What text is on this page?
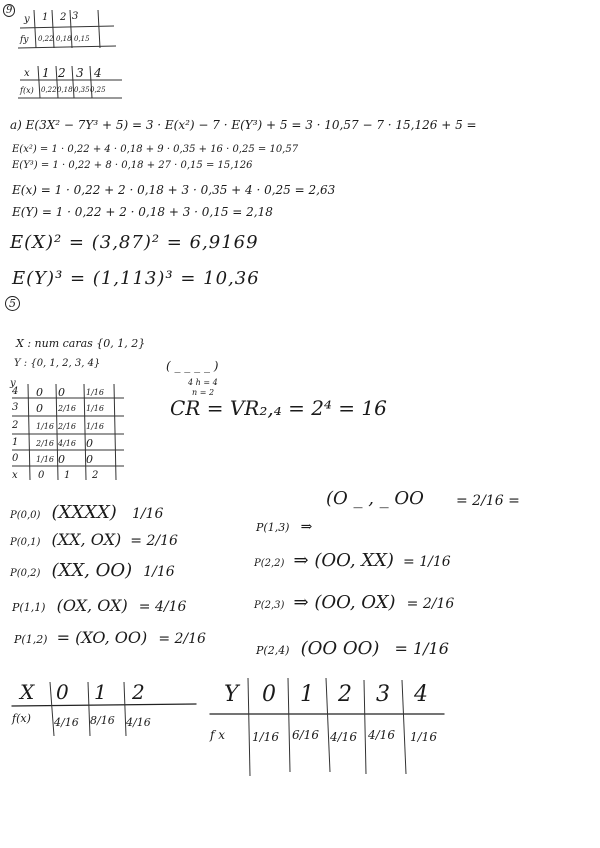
9
y 1 2 3
fy 0,22 0,18 0,15
x 1 2 3 4
f(x) 0,22 0,18 0,35 0,25
a) E(3X² − 7Y³ + 5) = 3 · E(x²) − 7 · E(Y³) + 5 = 3 · 10,57 − 7 · 15,126 + 5 =
E(x²) = 1 · 0,22 + 4 · 0,18 + 9 · 0,35 + 16 · 0,25 = 10,57
E(Y³) = 1 · 0,22 + 8 · 0,18 + 27 · 0,15 = 15,126
E(x) = 1 · 0,22 + 2 · 0,18 + 3 · 0,35 + 4 · 0,25 = 2,63
E(Y) = 1 · 0,22 + 2 · 0,18 + 3 · 0,15 = 2,18
E(X)² = (3,87)² = 6,9169
E(Y)³ = (1,113)³ = 10,36
5
X : num caras {0, 1, 2}
Y : {0, 1, 2, 3, 4}	( _ _ _ _ )
4 h = 4
n = 2
CR = VR₂,₄ = 2⁴ = 16
y
4 0 0	1/16
3 0 2/16 1/16
2 1/16 2/16 1/16
1 2/16 4/16 0
0 1/16 0 0
x 0 1 2
P(0,0) (XXXX) 1/16
P(0,1) (XX, OX) = 2/16
P(0,2) (XX, OO) 1/16
P(1,1) (OX, OX) = 4/16
P(1,2) = (XO, OO) = 2/16
(O _ , _ OO = 2/16 =
P(1,3) ⇒
P(2,2) ⇒ (OO, XX) = 1/16
P(2,3) ⇒ (OO, OX) = 2/16
P(2,4) (OO OO) = 1/16
X 0 1 2
f(x) 4/16 8/16 4/16
Y 0 1 2 3 4
f x 1/16 6/16 4/16 4/16 1/16
